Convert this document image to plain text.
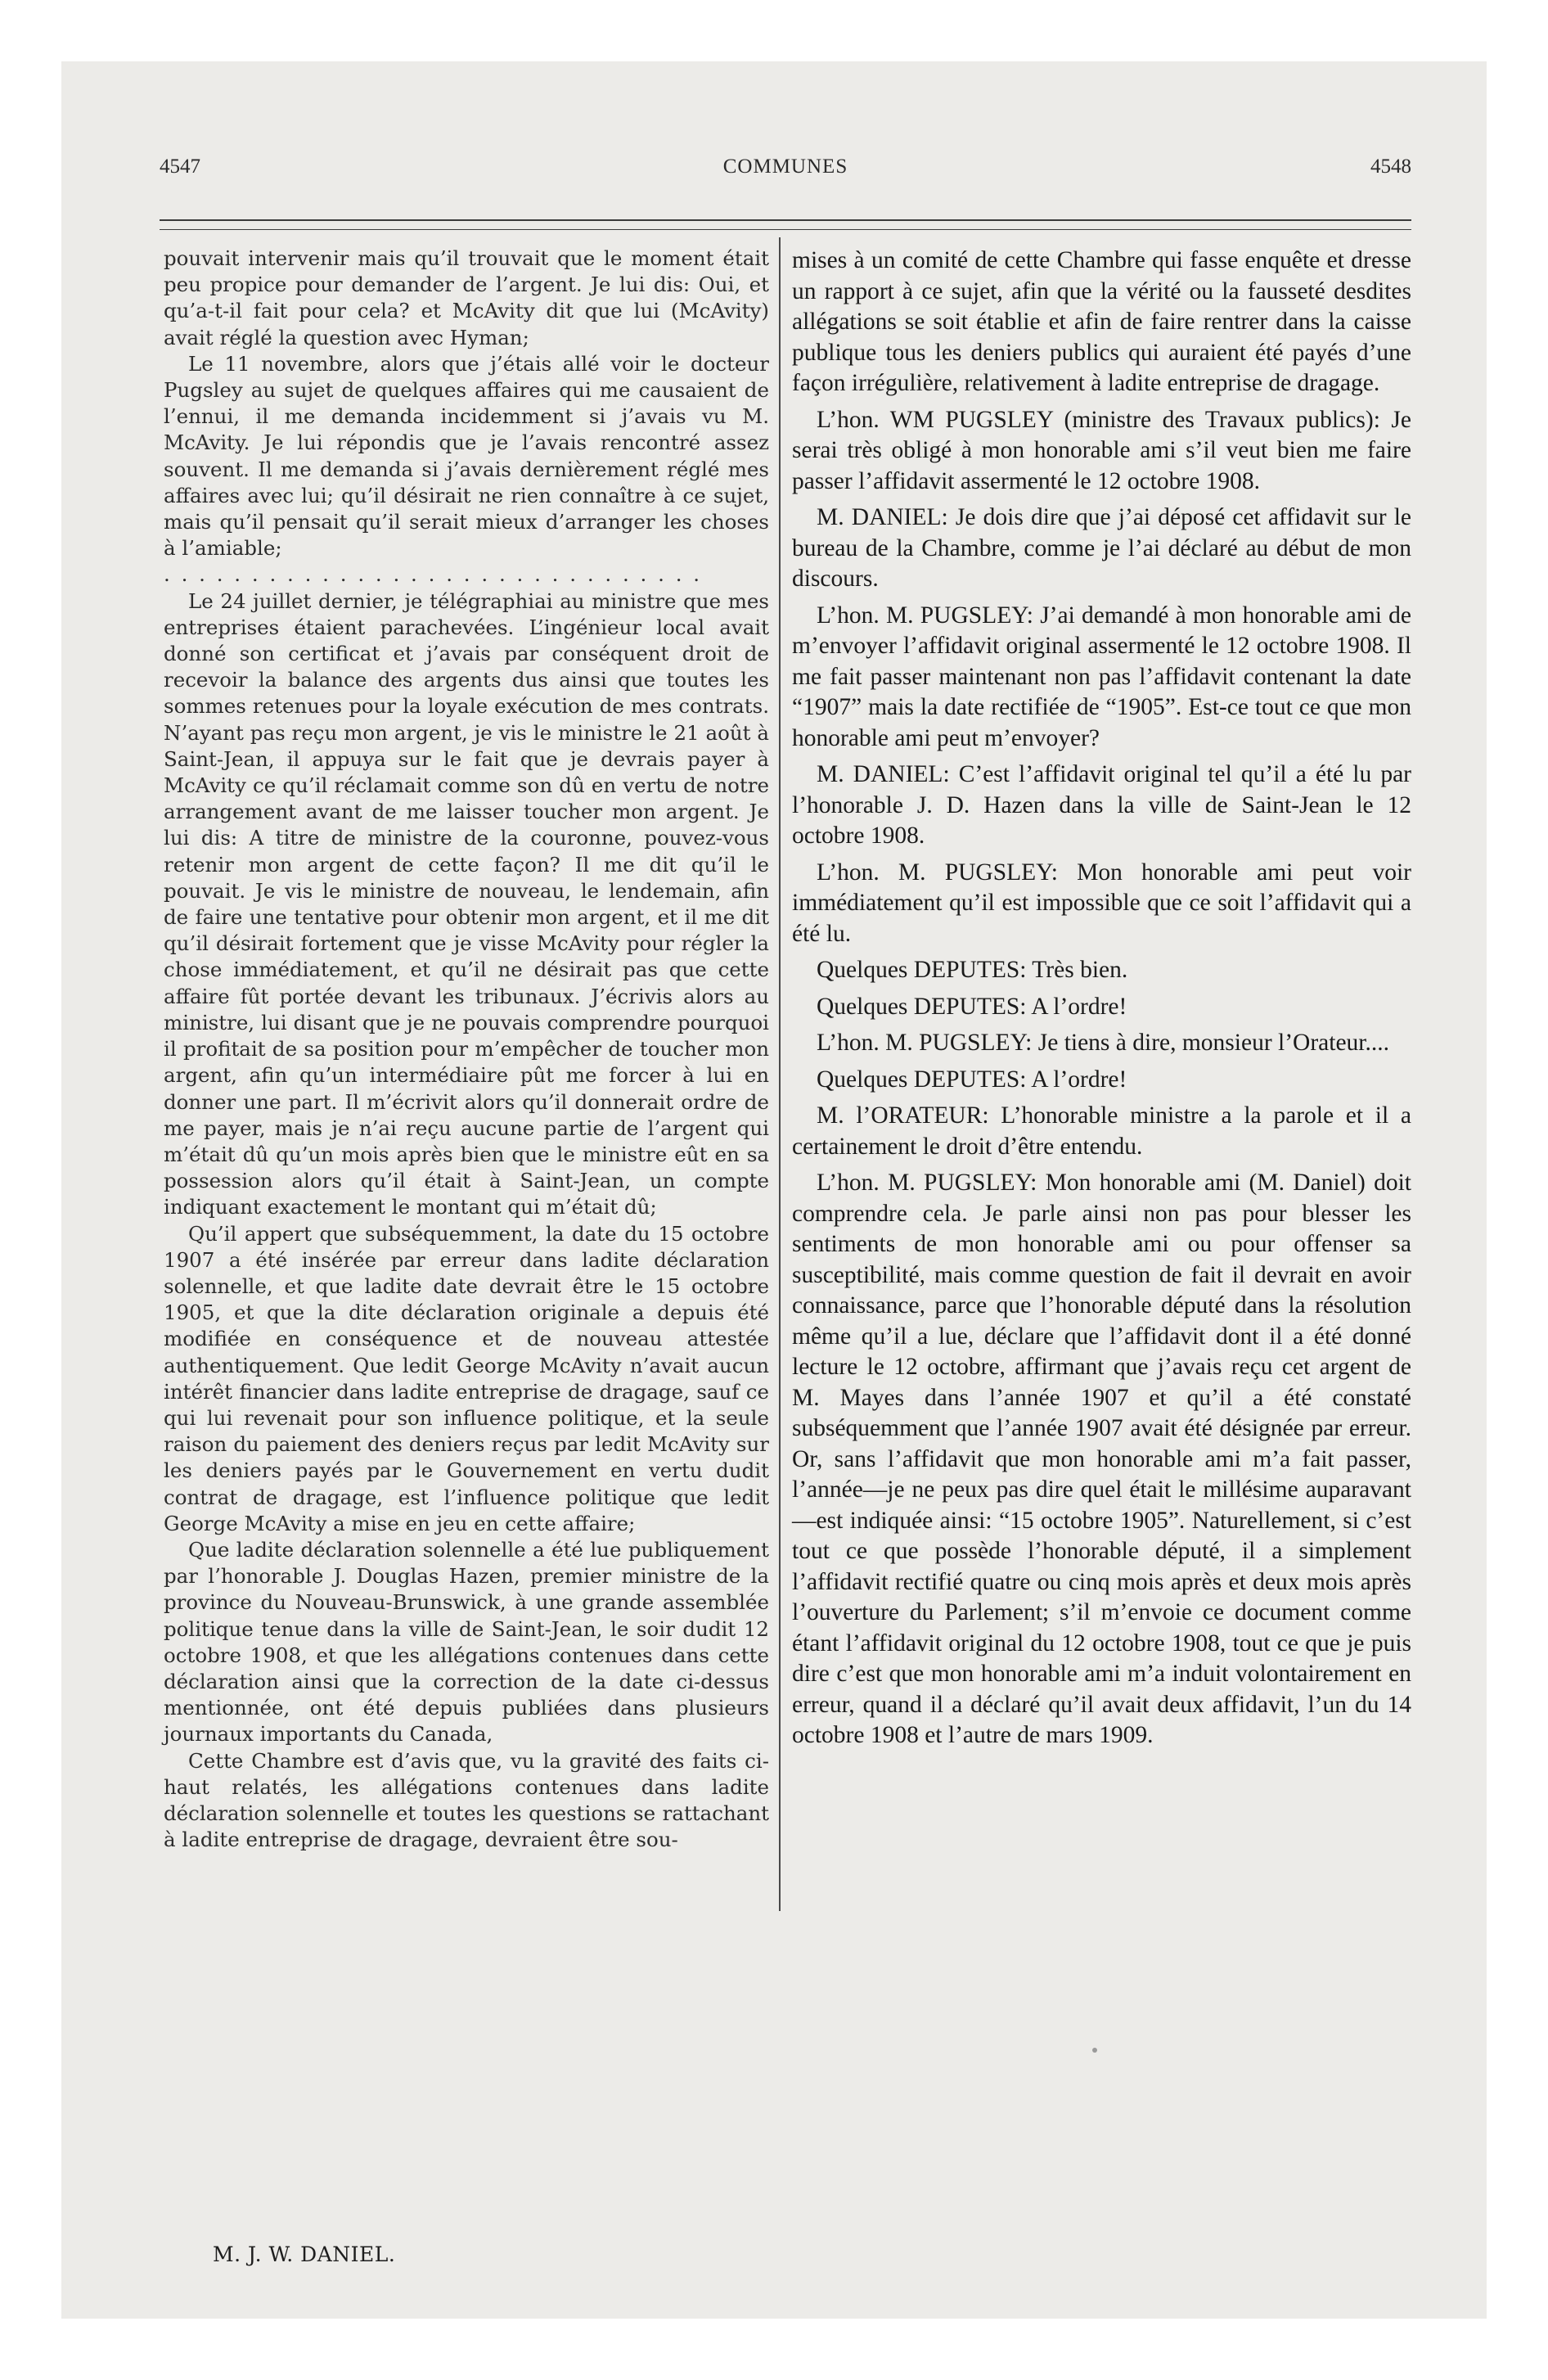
4547	COMMUNES	4548

pouvait intervenir mais qu’il trouvait que le moment était peu propice pour demander de l’argent. Je lui dis: Oui, et qu’a-t-il fait pour cela? et McAvity dit que lui (McAvity) avait réglé la question avec Hyman;

Le 11 novembre, alors que j’étais allé voir le docteur Pugsley au sujet de quelques affaires qui me causaient de l’ennui, il me demanda incidemment si j’avais vu M. McAvity. Je lui répondis que je l’avais rencontré assez souvent. Il me demanda si j’avais dernièrement réglé mes affaires avec lui; qu’il désirait ne rien connaître à ce sujet, mais qu’il pensait qu’il serait mieux d’arranger les choses à l’amiable;

. . . . . . . . . . . . . . . . . . . . . . . . . . . . . . .

Le 24 juillet dernier, je télégraphiai au ministre que mes entreprises étaient parachevées. L’ingénieur local avait donné son certificat et j’avais par conséquent droit de recevoir la balance des argents dus ainsi que toutes les sommes retenues pour la loyale exécution de mes contrats. N’ayant pas reçu mon argent, je vis le ministre le 21 août à Saint-Jean, il appuya sur le fait que je devrais payer à McAvity ce qu’il réclamait comme son dû en vertu de notre arrangement avant de me laisser toucher mon argent. Je lui dis: A titre de ministre de la couronne, pouvez-vous retenir mon argent de cette façon? Il me dit qu’il le pouvait. Je vis le ministre de nouveau, le lendemain, afin de faire une tentative pour obtenir mon argent, et il me dit qu’il désirait fortement que je visse McAvity pour régler la chose immédiatement, et qu’il ne désirait pas que cette affaire fût portée devant les tribunaux. J’écrivis alors au ministre, lui disant que je ne pouvais comprendre pourquoi il profitait de sa position pour m’empêcher de toucher mon argent, afin qu’un intermédiaire pût me forcer à lui en donner une part. Il m’écrivit alors qu’il donnerait ordre de me payer, mais je n’ai reçu aucune partie de l’argent qui m’était dû qu’un mois après bien que le ministre eût en sa possession alors qu’il était à Saint-Jean, un compte indiquant exactement le montant qui m’était dû;

Qu’il appert que subséquemment, la date du 15 octobre 1907 a été insérée par erreur dans ladite déclaration solennelle, et que ladite date devrait être le 15 octobre 1905, et que la dite déclaration originale a depuis été modifiée en conséquence et de nouveau attestée authentiquement. Que ledit George McAvity n’avait aucun intérêt financier dans ladite entreprise de dragage, sauf ce qui lui revenait pour son influence politique, et la seule raison du paiement des deniers reçus par ledit McAvity sur les deniers payés par le Gouvernement en vertu dudit contrat de dragage, est l’influence politique que ledit George McAvity a mise en jeu en cette affaire;

Que ladite déclaration solennelle a été lue publiquement par l’honorable J. Douglas Hazen, premier ministre de la province du Nouveau-Brunswick, à une grande assemblée politique tenue dans la ville de Saint-Jean, le soir dudit 12 octobre 1908, et que les allégations contenues dans cette déclaration ainsi que la correction de la date ci-dessus mentionnée, ont été depuis publiées dans plusieurs journaux importants du Canada,

Cette Chambre est d’avis que, vu la gravité des faits ci-haut relatés, les allégations contenues dans ladite déclaration solennelle et toutes les questions se rattachant à ladite entreprise de dragage, devraient être sou-

mises à un comité de cette Chambre qui fasse enquête et dresse un rapport à ce sujet, afin que la vérité ou la fausseté desdites allégations se soit établie et afin de faire rentrer dans la caisse publique tous les deniers publics qui auraient été payés d’une façon irrégulière, relativement à ladite entreprise de dragage.

L’hon. WM PUGSLEY (ministre des Travaux publics): Je serai très obligé à mon honorable ami s’il veut bien me faire passer l’affidavit assermenté le 12 octobre 1908.

M. DANIEL: Je dois dire que j’ai déposé cet affidavit sur le bureau de la Chambre, comme je l’ai déclaré au début de mon discours.

L’hon. M. PUGSLEY: J’ai demandé à mon honorable ami de m’envoyer l’affidavit original assermenté le 12 octobre 1908. Il me fait passer maintenant non pas l’affidavit contenant la date “1907” mais la date rectifiée de “1905”. Est-ce tout ce que mon honorable ami peut m’envoyer?

M. DANIEL: C’est l’affidavit original tel qu’il a été lu par l’honorable J. D. Hazen dans la ville de Saint-Jean le 12 octobre 1908.

L’hon. M. PUGSLEY: Mon honorable ami peut voir immédiatement qu’il est impossible que ce soit l’affidavit qui a été lu.

Quelques DEPUTES: Très bien.

Quelques DEPUTES: A l’ordre!

L’hon. M. PUGSLEY: Je tiens à dire, monsieur l’Orateur....

Quelques DEPUTES: A l’ordre!

M. l’ORATEUR: L’honorable ministre a la parole et il a certainement le droit d’être entendu.

L’hon. M. PUGSLEY: Mon honorable ami (M. Daniel) doit comprendre cela. Je parle ainsi non pas pour blesser les sentiments de mon honorable ami ou pour offenser sa susceptibilité, mais comme question de fait il devrait en avoir connaissance, parce que l’honorable député dans la résolution même qu’il a lue, déclare que l’affidavit dont il a été donné lecture le 12 octobre, affirmant que j’avais reçu cet argent de M. Mayes dans l’année 1907 et qu’il a été constaté subséquemment que l’année 1907 avait été désignée par erreur. Or, sans l’affidavit que mon honorable ami m’a fait passer, l’année—je ne peux pas dire quel était le millésime auparavant—est indiquée ainsi: “15 octobre 1905”. Naturellement, si c’est tout ce que possède l’honorable député, il a simplement l’affidavit rectifié quatre ou cinq mois après et deux mois après l’ouverture du Parlement; s’il m’envoie ce document comme étant l’affidavit original du 12 octobre 1908, tout ce que je puis dire c’est que mon honorable ami m’a induit volontairement en erreur, quand il a déclaré qu’il avait deux affidavit, l’un du 14 octobre 1908 et l’autre de mars 1909.

M. J. W. DANIEL.
